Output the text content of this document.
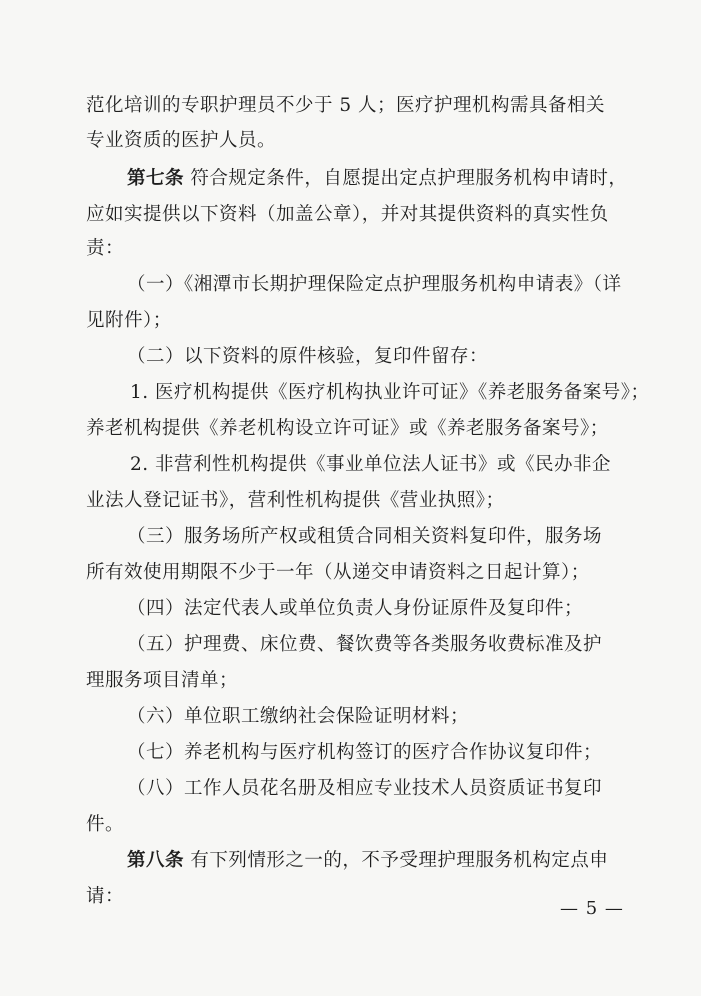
范化培训的专职护理员不少于 5 人；医疗护理机构需具备相关
专业资质的医护人员。
第七条 符合规定条件，自愿提出定点护理服务机构申请时，
应如实提供以下资料（加盖公章），并对其提供资料的真实性负
责：
（一）《湘潭市长期护理保险定点护理服务机构申请表》（详
见附件）；
（二）以下资料的原件核验，复印件留存：
1. 医疗机构提供《医疗机构执业许可证》《养老服务备案号》；
养老机构提供《养老机构设立许可证》或《养老服务备案号》；
2. 非营利性机构提供《事业单位法人证书》或《民办非企
业法人登记证书》，营利性机构提供《营业执照》；
（三）服务场所产权或租赁合同相关资料复印件，服务场
所有效使用期限不少于一年（从递交申请资料之日起计算）；
（四）法定代表人或单位负责人身份证原件及复印件；
（五）护理费、床位费、餐饮费等各类服务收费标准及护
理服务项目清单；
（六）单位职工缴纳社会保险证明材料；
（七）养老机构与医疗机构签订的医疗合作协议复印件；
（八）工作人员花名册及相应专业技术人员资质证书复印
件。
第八条 有下列情形之一的，不予受理护理服务机构定点申
请：
— 5 —
